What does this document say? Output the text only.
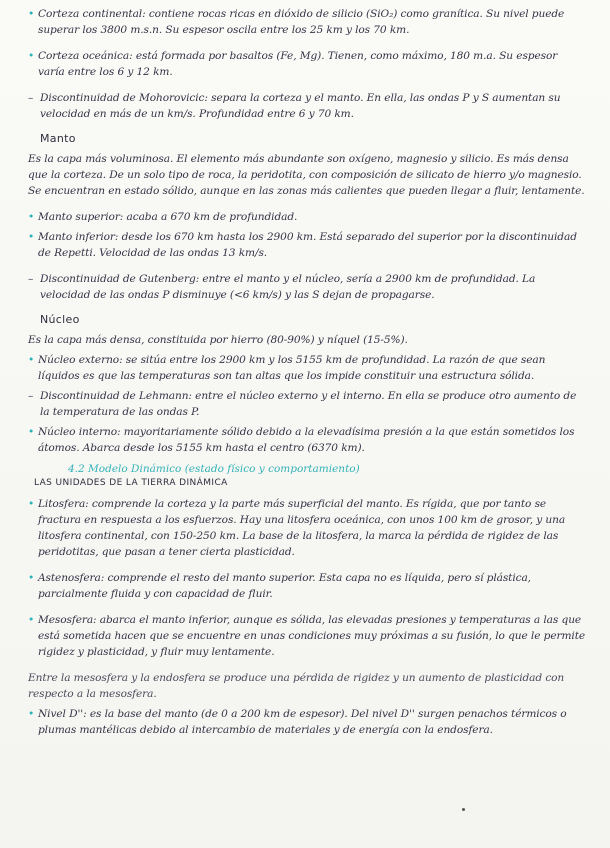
• Corteza continental: contiene rocas ricas en dióxido de silicio (SiO₂) como granítica. Su nivel puede superar los 3800 m.s.n. Su espesor oscila entre los 25 km y los 70 km.
• Corteza oceánica: está formada por basaltos (Fe, Mg). Tienen, como máximo, 180 m.a. Su espesor varía entre los 6 y 12 km.
– Discontinuidad de Mohorovicic: separa la corteza y el manto. En ella, las ondas P y S aumentan su velocidad en más de un km/s. Profundidad entre 6 y 70 km.
Manto
Es la capa más voluminosa. El elemento más abundante son oxígeno, magnesio y silicio. Es más densa que la corteza. De un solo tipo de roca, la peridotita, con composición de silicato de hierro y/o magnesio. Se encuentran en estado sólido, aunque en las zonas más calientes que pueden llegar a fluir, lentamente.
• Manto superior: acaba a 670 km de profundidad.
• Manto inferior: desde los 670 km hasta los 2900 km. Está separado del superior por la discontinuidad de Repetti. Velocidad de las ondas 13 km/s.
– Discontinuidad de Gutenberg: entre el manto y el núcleo, sería a 2900 km de profundidad. La velocidad de las ondas P disminuye (<6 km/s) y las S dejan de propagarse.
Núcleo
Es la capa más densa, constituida por hierro (80-90%) y níquel (15-5%).
• Núcleo externo: se sitúa entre los 2900 km y los 5155 km de profundidad. La razón de que sean líquidos es que las temperaturas son tan altas que los impide constituir una estructura sólida.
– Discontinuidad de Lehmann: entre el núcleo externo y el interno. En ella se produce otro aumento de la temperatura de las ondas P.
• Núcleo interno: mayoritariamente sólido debido a la elevadísima presión a la que están sometidos los átomos. Abarca desde los 5155 km hasta el centro (6370 km).
4.2 Modelo Dinámico (estado físico y comportamiento)
LAS UNIDADES DE LA TIERRA DINÁMICA
• Litosfera: comprende la corteza y la parte más superficial del manto. Es rígida, que por tanto se fractura en respuesta a los esfuerzos. Hay una litosfera oceánica, con unos 100 km de grosor, y una litosfera continental, con 150-250 km. La base de la litosfera, la marca la pérdida de rigidez de las peridotitas, que pasan a tener cierta plasticidad.
• Astenosfera: comprende el resto del manto superior. Esta capa no es líquida, pero sí plástica, parcialmente fluida y con capacidad de fluir.
• Mesosfera: abarca el manto inferior, aunque es sólida, las elevadas presiones y temperaturas a las que está sometida hacen que se encuentre en unas condiciones muy próximas a su fusión, lo que le permite rigidez y plasticidad, y fluir muy lentamente.
Entre la mesosfera y la endosfera se produce una pérdida de rigidez y un aumento de plasticidad con respecto a la mesosfera.
• Nivel D'': es la base del manto (de 0 a 200 km de espesor). Del nivel D'' surgen penachos térmicos o plumas mantélicas debido al intercambio de materiales y de energía con la endosfera.
